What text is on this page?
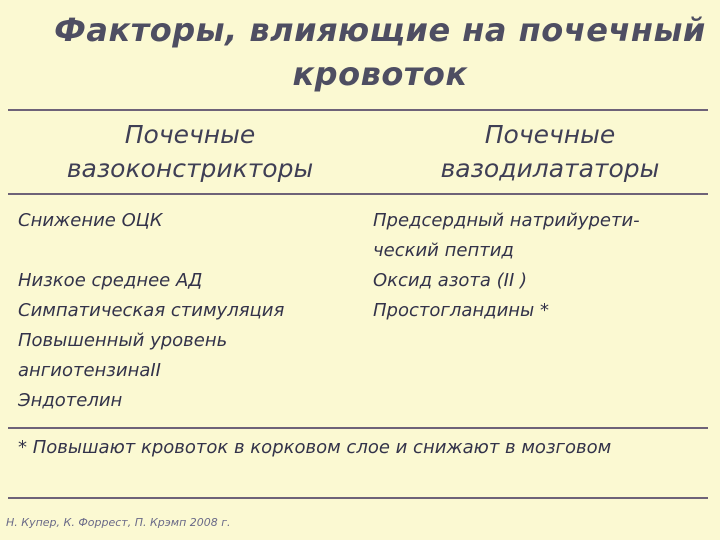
Факторы, влияющие на почечный
кровоток
Почечные
вазоконстрикторы
Почечные
вазодилататоры
Снижение ОЦК

Низкое среднее АД
Симпатическая стимуляция
Повышенный уровень
ангиотензинаII
Эндотелин
Предсердный натрийурети-
ческий пептид
Оксид азота (II )
Простогландины *
* Повышают кровоток в корковом слое и снижают в мозговом
Н. Купер, К. Форрест, П. Крэмп 2008 г.
